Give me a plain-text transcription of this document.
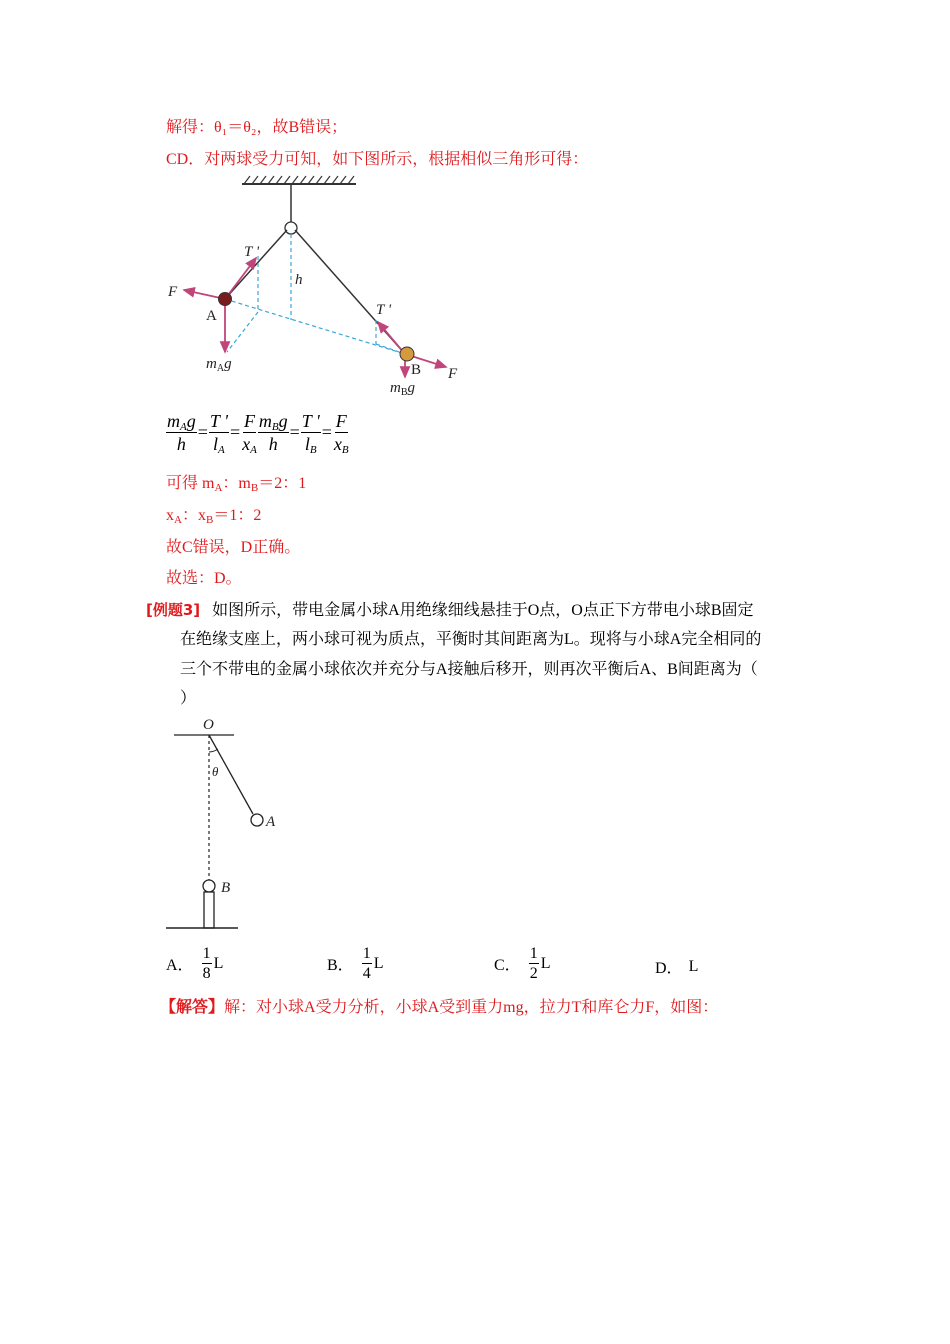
解得：θ₁＝θ₂，故B错误；
CD．对两球受力可知，如下图所示，根据相似三角形可得：
T '
h
F
A
$m_Ag$
T '
B F
$m_Bg$
$\frac{m_Ag}{h} = \frac{T '}{l_A} = \frac{F}{x_A} \frac{m_Bg}{h} = \frac{T '}{l_B} = \frac{F}{x_B}$
可得 $m_A$：$m_B=2$：1
$x_A$：$x_B=1$：2
故C错误，D正确。
故选：D。
[例题3] 如图所示，带电金属小球A用绝缘细线悬挂于O点，O点正下方带电小球B固定
在绝缘支座上，两小球可视为质点，平衡时其间距离为L。现将与小球A完全相同的
三个不带电的金属小球依次并充分与A接触后移开，则再次平衡后A、B间距离为（
）
O
θ
A
B
A．
1
8
L	B．
1
4
L	C．
1
2
L	D． L
【解答】解：对小球A受力分析，小球A受到重力mg，拉力T和库仑力F，如图：
